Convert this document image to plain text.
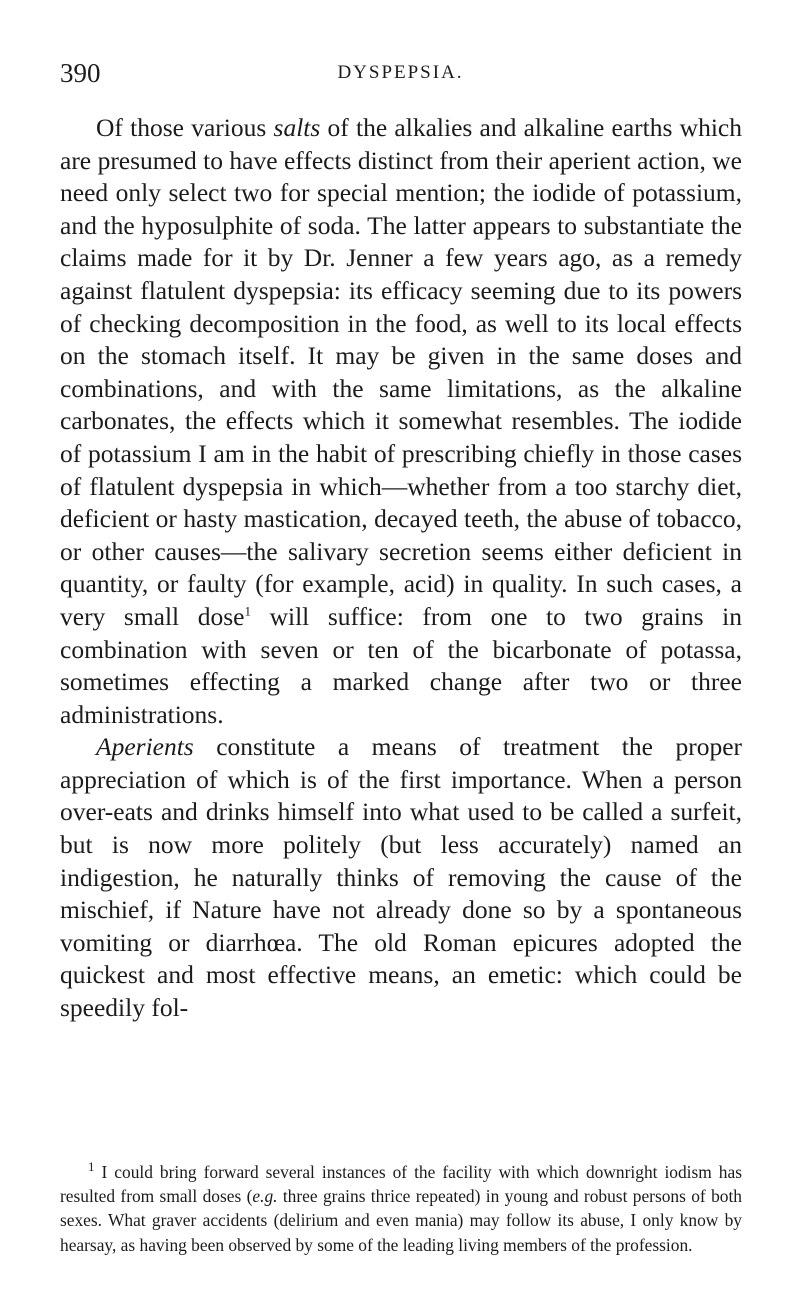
390	DYSPEPSIA.

Of those various salts of the alkalies and alkaline earths which are presumed to have effects distinct from their aperient action, we need only select two for special mention; the iodide of potassium, and the hyposulphite of soda. The latter appears to substantiate the claims made for it by Dr. Jenner a few years ago, as a remedy against flatulent dyspepsia: its efficacy seeming due to its powers of checking decomposition in the food, as well to its local effects on the stomach itself. It may be given in the same doses and combinations, and with the same limitations, as the alkaline carbonates, the effects which it somewhat resembles. The iodide of potassium I am in the habit of prescribing chiefly in those cases of flatulent dyspepsia in which—whether from a too starchy diet, deficient or hasty mastication, decayed teeth, the abuse of tobacco, or other causes—the salivary secretion seems either deficient in quantity, or faulty (for example, acid) in quality. In such cases, a very small dose$^1$ will suffice: from one to two grains in combination with seven or ten of the bicarbonate of potassa, sometimes effecting a marked change after two or three administrations.

Aperients constitute a means of treatment the proper appreciation of which is of the first importance. When a person over-eats and drinks himself into what used to be called a surfeit, but is now more politely (but less accurately) named an indigestion, he naturally thinks of removing the cause of the mischief, if Nature have not already done so by a spontaneous vomiting or diarrhœa. The old Roman epicures adopted the quickest and most effective means, an emetic: which could be speedily fol-

$^1$ I could bring forward several instances of the facility with which downright iodism has resulted from small doses (e.g. three grains thrice repeated) in young and robust persons of both sexes. What graver accidents (delirium and even mania) may follow its abuse, I only know by hearsay, as having been observed by some of the leading living members of the profession.
